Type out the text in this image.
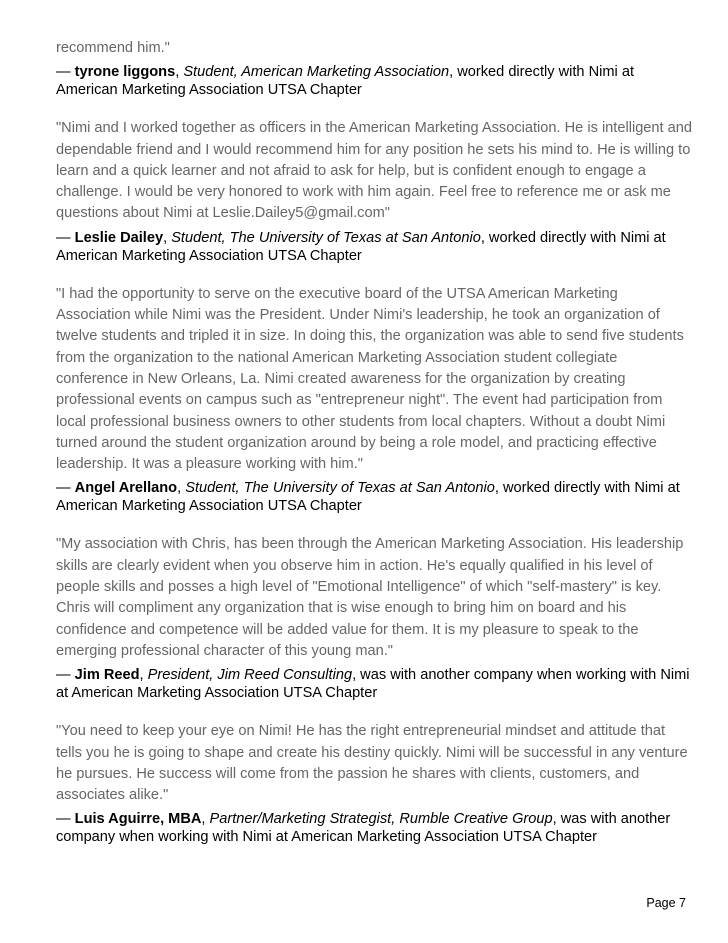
recommend him."

— tyrone liggons, Student, American Marketing Association, worked directly with Nimi at American Marketing Association UTSA Chapter

"Nimi and I worked together as officers in the American Marketing Association. He is intelligent and dependable friend and I would recommend him for any position he sets his mind to. He is willing to learn and a quick learner and not afraid to ask for help, but is confident enough to engage a challenge. I would be very honored to work with him again. Feel free to reference me or ask me questions about Nimi at Leslie.Dailey5@gmail.com"

— Leslie Dailey, Student, The University of Texas at San Antonio, worked directly with Nimi at American Marketing Association UTSA Chapter

"I had the opportunity to serve on the executive board of the UTSA American Marketing Association while Nimi was the President. Under Nimi's leadership, he took an organization of twelve students and tripled it in size. In doing this, the organization was able to send five students from the organization to the national American Marketing Association student collegiate conference in New Orleans, La. Nimi created awareness for the organization by creating professional events on campus such as "entrepreneur night". The event had participation from local professional business owners to other students from local chapters. Without a doubt Nimi turned around the student organization around by being a role model, and practicing effective leadership. It was a pleasure working with him."

— Angel Arellano, Student, The University of Texas at San Antonio, worked directly with Nimi at American Marketing Association UTSA Chapter

"My association with Chris, has been through the American Marketing Association. His leadership skills are clearly evident when you observe him in action. He's equally qualified in his level of people skills and posses a high level of "Emotional Intelligence" of which "self-mastery" is key. Chris will compliment any organization that is wise enough to bring him on board and his confidence and competence will be added value for them. It is my pleasure to speak to the emerging professional character of this young man."

— Jim Reed, President, Jim Reed Consulting, was with another company when working with Nimi at American Marketing Association UTSA Chapter

"You need to keep your eye on Nimi! He has the right entrepreneurial mindset and attitude that tells you he is going to shape and create his destiny quickly. Nimi will be successful in any venture he pursues. He success will come from the passion he shares with clients, customers, and associates alike."

— Luis Aguirre, MBA, Partner/Marketing Strategist, Rumble Creative Group, was with another company when working with Nimi at American Marketing Association UTSA Chapter

Page 7
